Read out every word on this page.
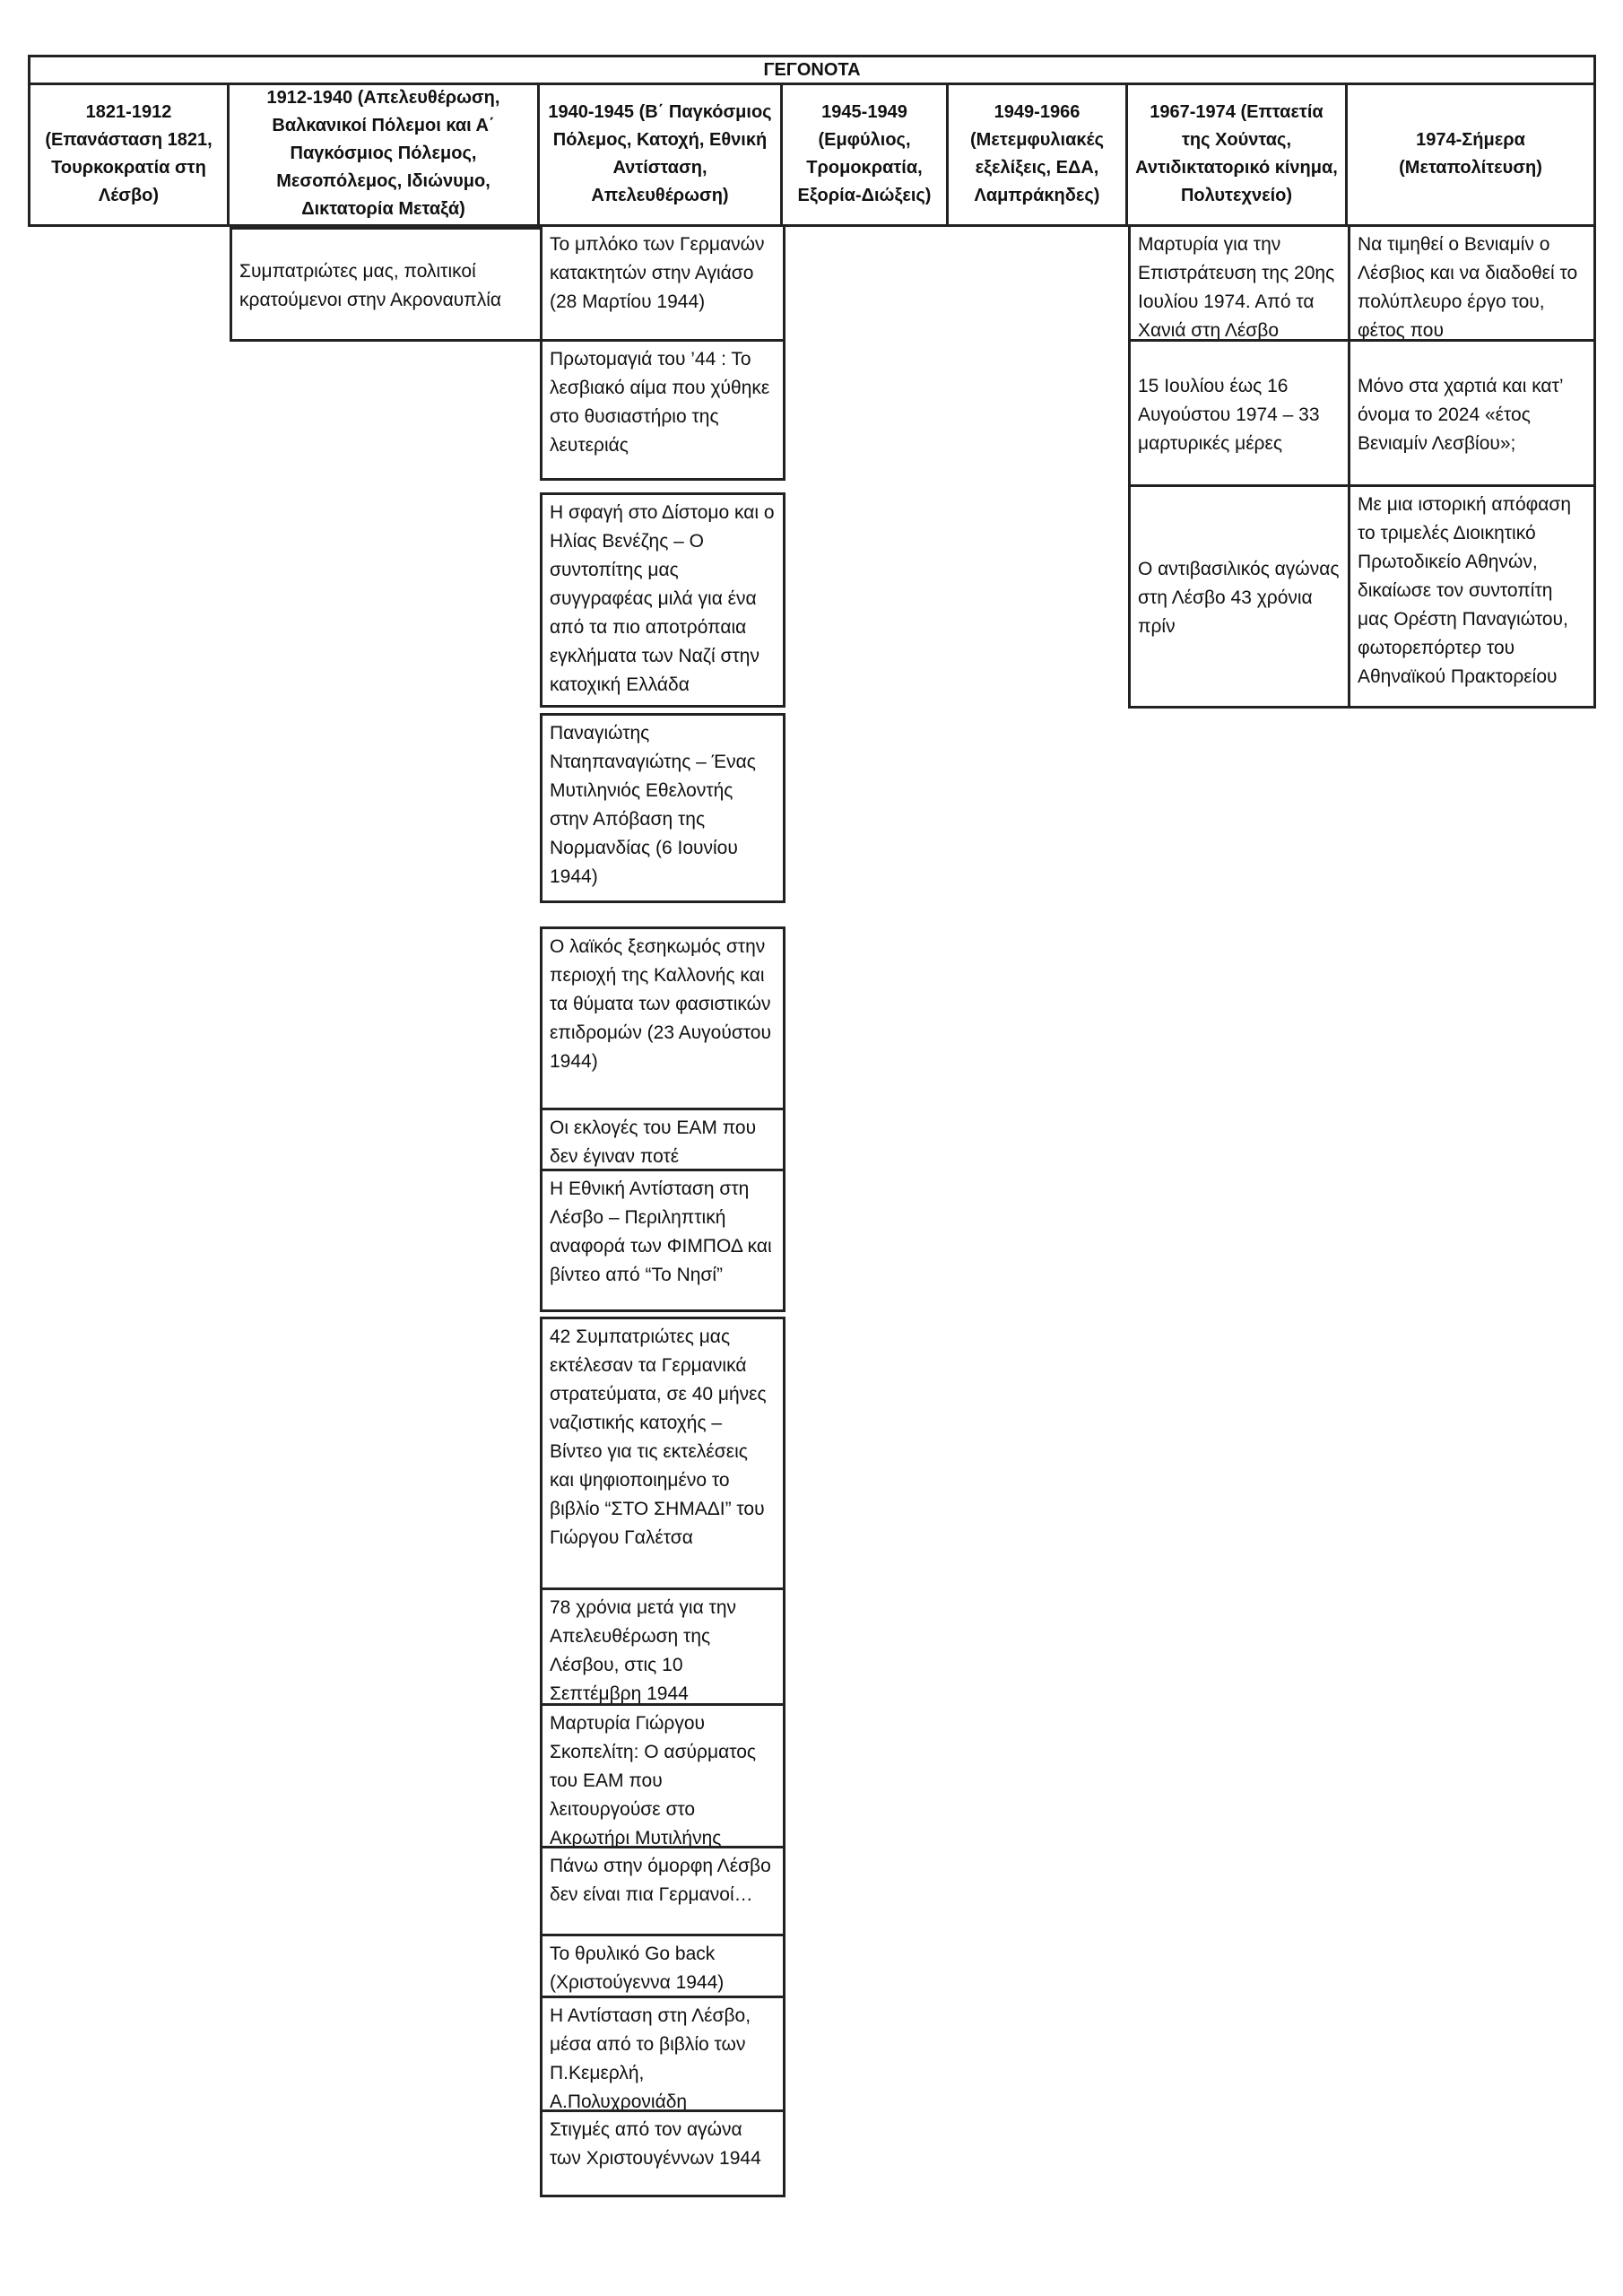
ΓΕΓΟΝΟΤΑ
1821-1912 (Επανάσταση 1821, Τουρκοκρατία στη Λέσβο)
1912-1940 (Απελευθέρωση, Βαλκανικοί Πόλεμοι και Α΄ Παγκόσμιος Πόλεμος, Μεσοπόλεμος, Ιδιώνυμο, Δικτατορία Μεταξά)
1940-1945 (Β΄ Παγκόσμιος Πόλεμος, Κατοχή, Εθνική Αντίσταση, Απελευθέρωση)
1945-1949 (Εμφύλιος, Τρομοκρατία, Εξορία-Διώξεις)
1949-1966 (Μετεμφυλιακές εξελίξεις, ΕΔΑ, Λαμπράκηδες)
1967-1974 (Επταετία της Χούντας, Αντιδικτατορικό κίνημα, Πολυτεχνείο)
1974-Σήμερα (Μεταπολίτευση)
Συμπατριώτες μας, πολιτικοί κρατούμενοι στην Ακροναυπλία
Το μπλόκο των Γερμανών κατακτητών στην Αγιάσο (28 Μαρτίου 1944)
Πρωτομαγιά του ’44 : Το λεσβιακό αίμα που χύθηκε στο θυσιαστήριο της λευτεριάς
Η σφαγή στο Δίστομο και ο Ηλίας Βενέζης – Ο συντοπίτης μας συγγραφέας μιλά για ένα από τα πιο αποτρόπαια εγκλήματα των Ναζί στην κατοχική Ελλάδα
Παναγιώτης Νταηπαναγιώτης – Ένας Μυτιληνιός Εθελοντής στην Απόβαση της Νορμανδίας (6 Ιουνίου 1944)
Ο λαϊκός ξεσηκωμός στην περιοχή της Καλλονής και τα θύματα των φασιστικών επιδρομών (23 Αυγούστου 1944)
Οι εκλογές του ΕΑΜ που δεν έγιναν ποτέ
Η Εθνική Αντίσταση στη Λέσβο – Περιληπτική αναφορά των ΦΙΜΠΟΔ και βίντεο από “Το Νησί”
42 Συμπατριώτες μας εκτέλεσαν τα Γερμανικά στρατεύματα, σε 40 μήνες ναζιστικής κατοχής – Βίντεο για τις εκτελέσεις και ψηφιοποιημένο το βιβλίο “ΣΤΟ ΣΗΜΑΔΙ” του Γιώργου Γαλέτσα
78 χρόνια μετά για την Απελευθέρωση της Λέσβου, στις 10 Σεπτέμβρη 1944
Μαρτυρία Γιώργου Σκοπελίτη: Ο ασύρματος του ΕΑΜ που λειτουργούσε στο Ακρωτήρι Μυτιλήνης
Πάνω στην όμορφη Λέσβο δεν είναι πια Γερμανοί…
Το θρυλικό Go back (Χριστούγεννα 1944)
Η Αντίσταση στη Λέσβο, μέσα από το βιβλίο των Π.Κεμερλή, Α.Πολυχρονιάδη
Στιγμές από τον αγώνα των Χριστουγέννων 1944
Μαρτυρία για την Επιστράτευση της 20ης Ιουλίου 1974. Από τα Χανιά στη Λέσβο
15 Ιουλίου έως 16 Αυγούστου 1974 – 33 μαρτυρικές μέρες
Ο αντιβασιλικός αγώνας στη Λέσβο 43 χρόνια πρίν
Να τιμηθεί ο Βενιαμίν ο Λέσβιος και να διαδοθεί το πολύπλευρο έργο του, φέτος που
Μόνο στα χαρτιά και κατ’ όνομα το 2024 «έτος Βενιαμίν Λεσβίου»;
Με μια ιστορική απόφαση το τριμελές Διοικητικό Πρωτοδικείο Αθηνών, δικαίωσε τον συντοπίτη μας Ορέστη Παναγιώτου, φωτορεπόρτερ του Αθηναϊκού Πρακτορείου
